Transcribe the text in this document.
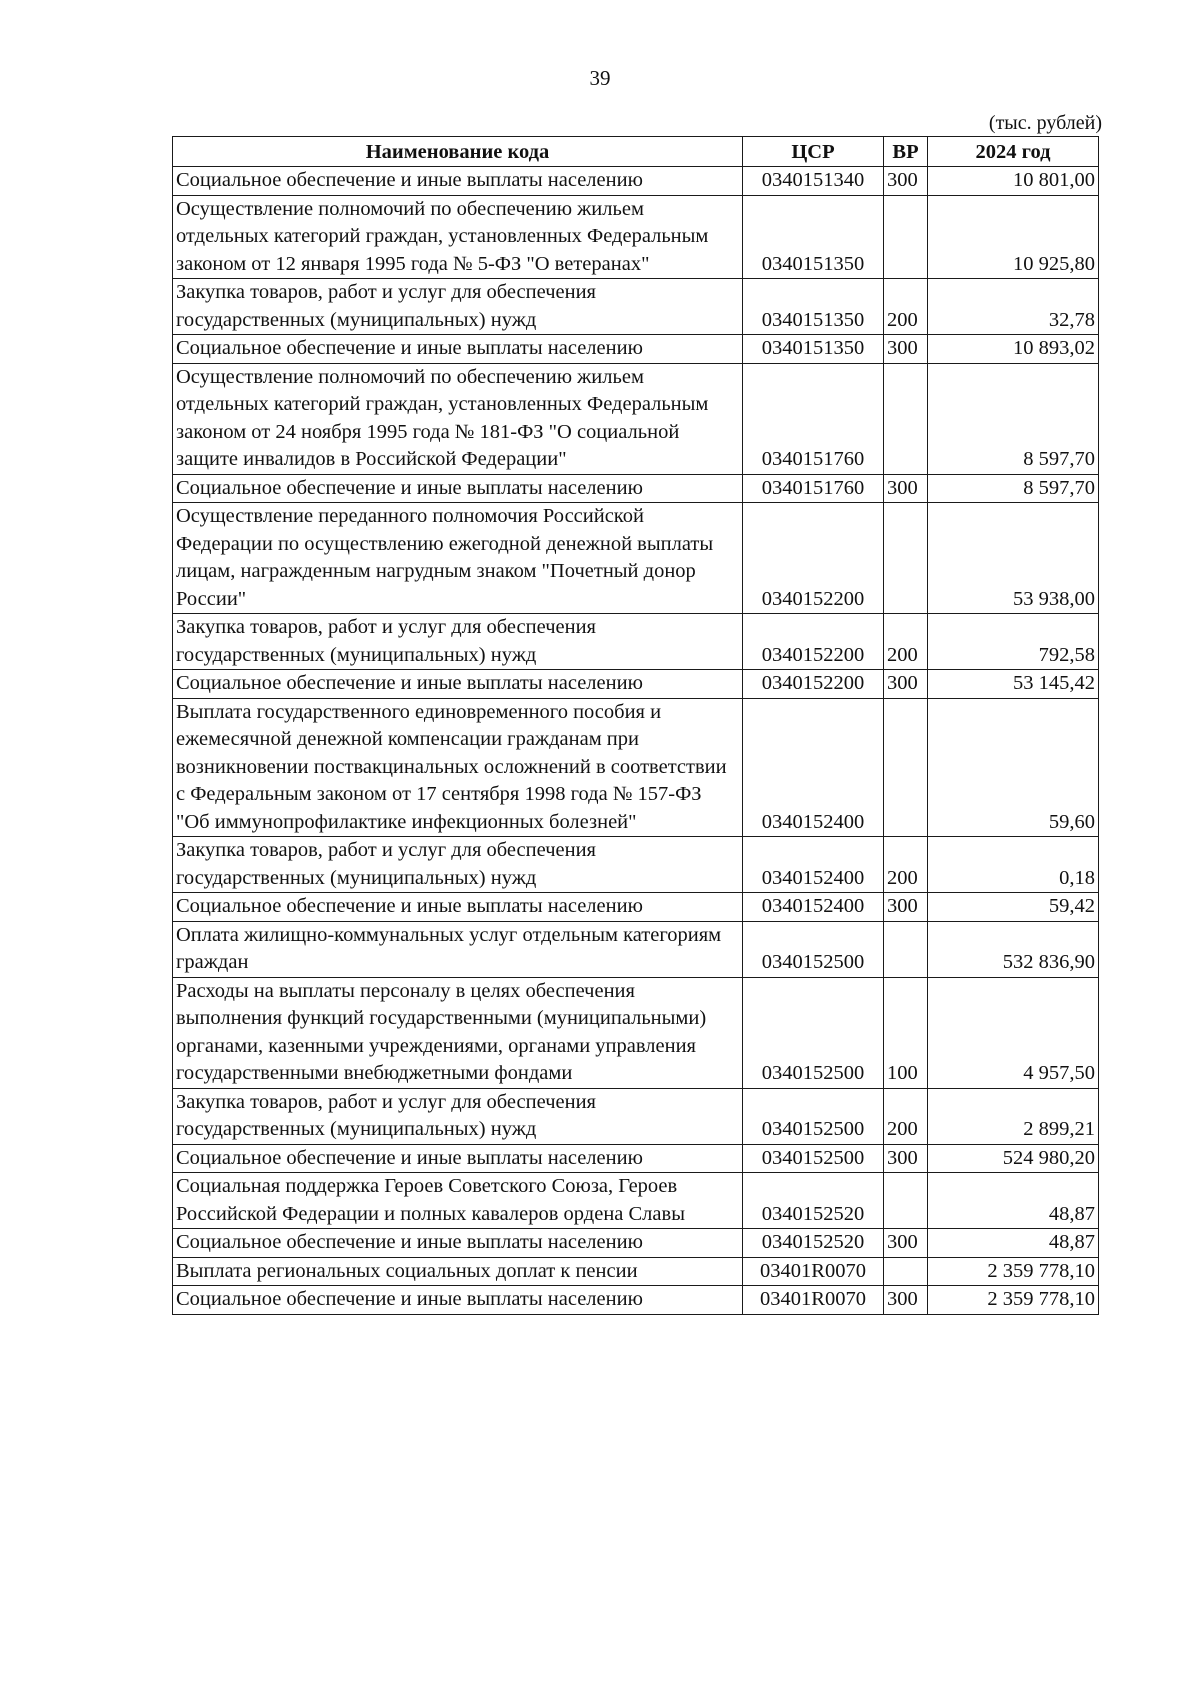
39
(тыс. рублей)
Наименование кода	ЦСР	ВР	2024 год
Социальное обеспечение и иные выплаты населению	0340151340	300	10 801,00
Осуществление полномочий по обеспечению жильем отдельных категорий граждан, установленных Федеральным законом от 12 января 1995 года № 5-ФЗ "О ветеранах"	0340151350		10 925,80
Закупка товаров, работ и услуг для обеспечения государственных (муниципальных) нужд	0340151350	200	32,78
Социальное обеспечение и иные выплаты населению	0340151350	300	10 893,02
Осуществление полномочий по обеспечению жильем отдельных категорий граждан, установленных Федеральным законом от 24 ноября 1995 года № 181-ФЗ "О социальной защите инвалидов в Российской Федерации"	0340151760		8 597,70
Социальное обеспечение и иные выплаты населению	0340151760	300	8 597,70
Осуществление переданного полномочия Российской Федерации по осуществлению ежегодной денежной выплаты лицам, награжденным нагрудным знаком "Почетный донор России"	0340152200		53 938,00
Закупка товаров, работ и услуг для обеспечения государственных (муниципальных) нужд	0340152200	200	792,58
Социальное обеспечение и иные выплаты населению	0340152200	300	53 145,42
Выплата государственного единовременного пособия и ежемесячной денежной компенсации гражданам при возникновении поствакцинальных осложнений в соответствии с Федеральным законом от 17 сентября 1998 года № 157-ФЗ "Об иммунопрофилактике инфекционных болезней"	0340152400		59,60
Закупка товаров, работ и услуг для обеспечения государственных (муниципальных) нужд	0340152400	200	0,18
Социальное обеспечение и иные выплаты населению	0340152400	300	59,42
Оплата жилищно-коммунальных услуг отдельным категориям граждан	0340152500		532 836,90
Расходы на выплаты персоналу в целях обеспечения выполнения функций государственными (муниципальными) органами, казенными учреждениями, органами управления государственными внебюджетными фондами	0340152500	100	4 957,50
Закупка товаров, работ и услуг для обеспечения государственных (муниципальных) нужд	0340152500	200	2 899,21
Социальное обеспечение и иные выплаты населению	0340152500	300	524 980,20
Социальная поддержка Героев Советского Союза, Героев Российской Федерации и полных кавалеров ордена Славы	0340152520		48,87
Социальное обеспечение и иные выплаты населению	0340152520	300	48,87
Выплата региональных социальных доплат к пенсии	03401R0070		2 359 778,10
Социальное обеспечение и иные выплаты населению	03401R0070	300	2 359 778,10
